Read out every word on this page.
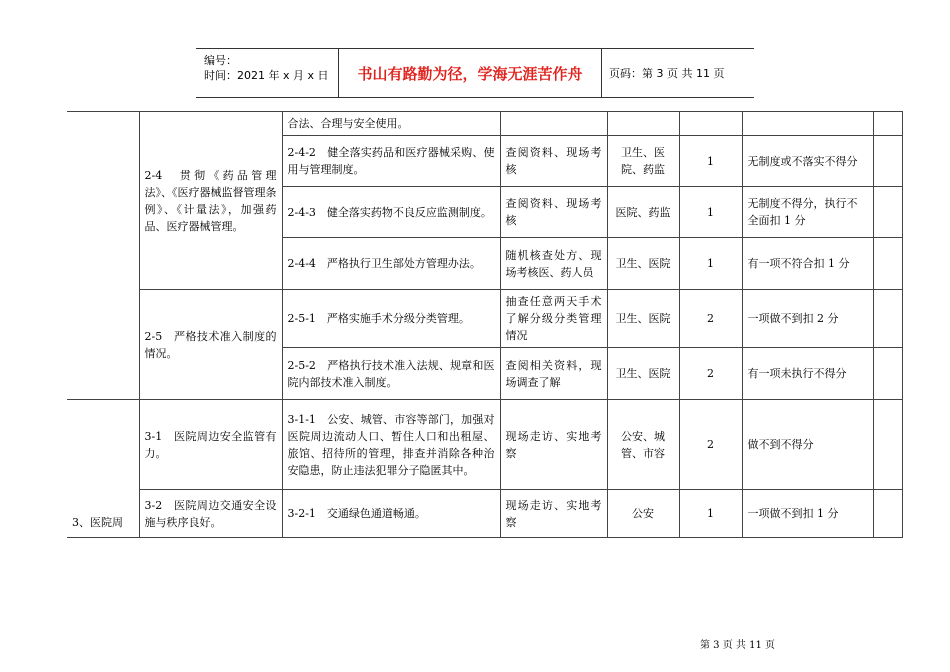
编号：
时间：2021 年 x 月 x 日	书山有路勤为径，学海无涯苦作舟	页码：第 3 页 共 11 页
	2-4　贯彻《药品管理法》、《医疗器械监督管理条例》、《计量法》，加强药品、医疗器械管理。	合法、合理与安全使用。					
		2-4-2　健全落实药品和医疗器械采购、使用与管理制度。	查阅资料、现场考核	卫生、医院、药监	1	无制度或不落实不得分	
		2-4-3　健全落实药物不良反应监测制度。	查阅资料、现场考核	医院、药监	1	无制度不得分，执行不全面扣 1 分	
		2-4-4　严格执行卫生部处方管理办法。	随机核查处方、现场考核医、药人员	卫生、医院	1	有一项不符合扣 1 分	
	2-5　严格技术准入制度的情况。	2-5-1　严格实施手术分级分类管理。	抽查任意两天手术了解分级分类管理情况	卫生、医院	2	一项做不到扣 2 分	
		2-5-2　严格执行技术准入法规、规章和医院内部技术准入制度。	查阅相关资料，现场调查了解	卫生、医院	2	有一项未执行不得分	
3、医院周	3-1　医院周边安全监管有力。	3-1-1　公安、城管、市容等部门，加强对医院周边流动人口、暂住人口和出租屋、旅馆、招待所的管理，排查并消除各种治安隐患，防止违法犯罪分子隐匿其中。	现场走访、实地考察	公安、城管、市容	2	做不到不得分	
	3-2　医院周边交通安全设施与秩序良好。	3-2-1　交通绿色通道畅通。	现场走访、实地考察	公安	1	一项做不到扣 1 分	
第 3 页 共 11 页
